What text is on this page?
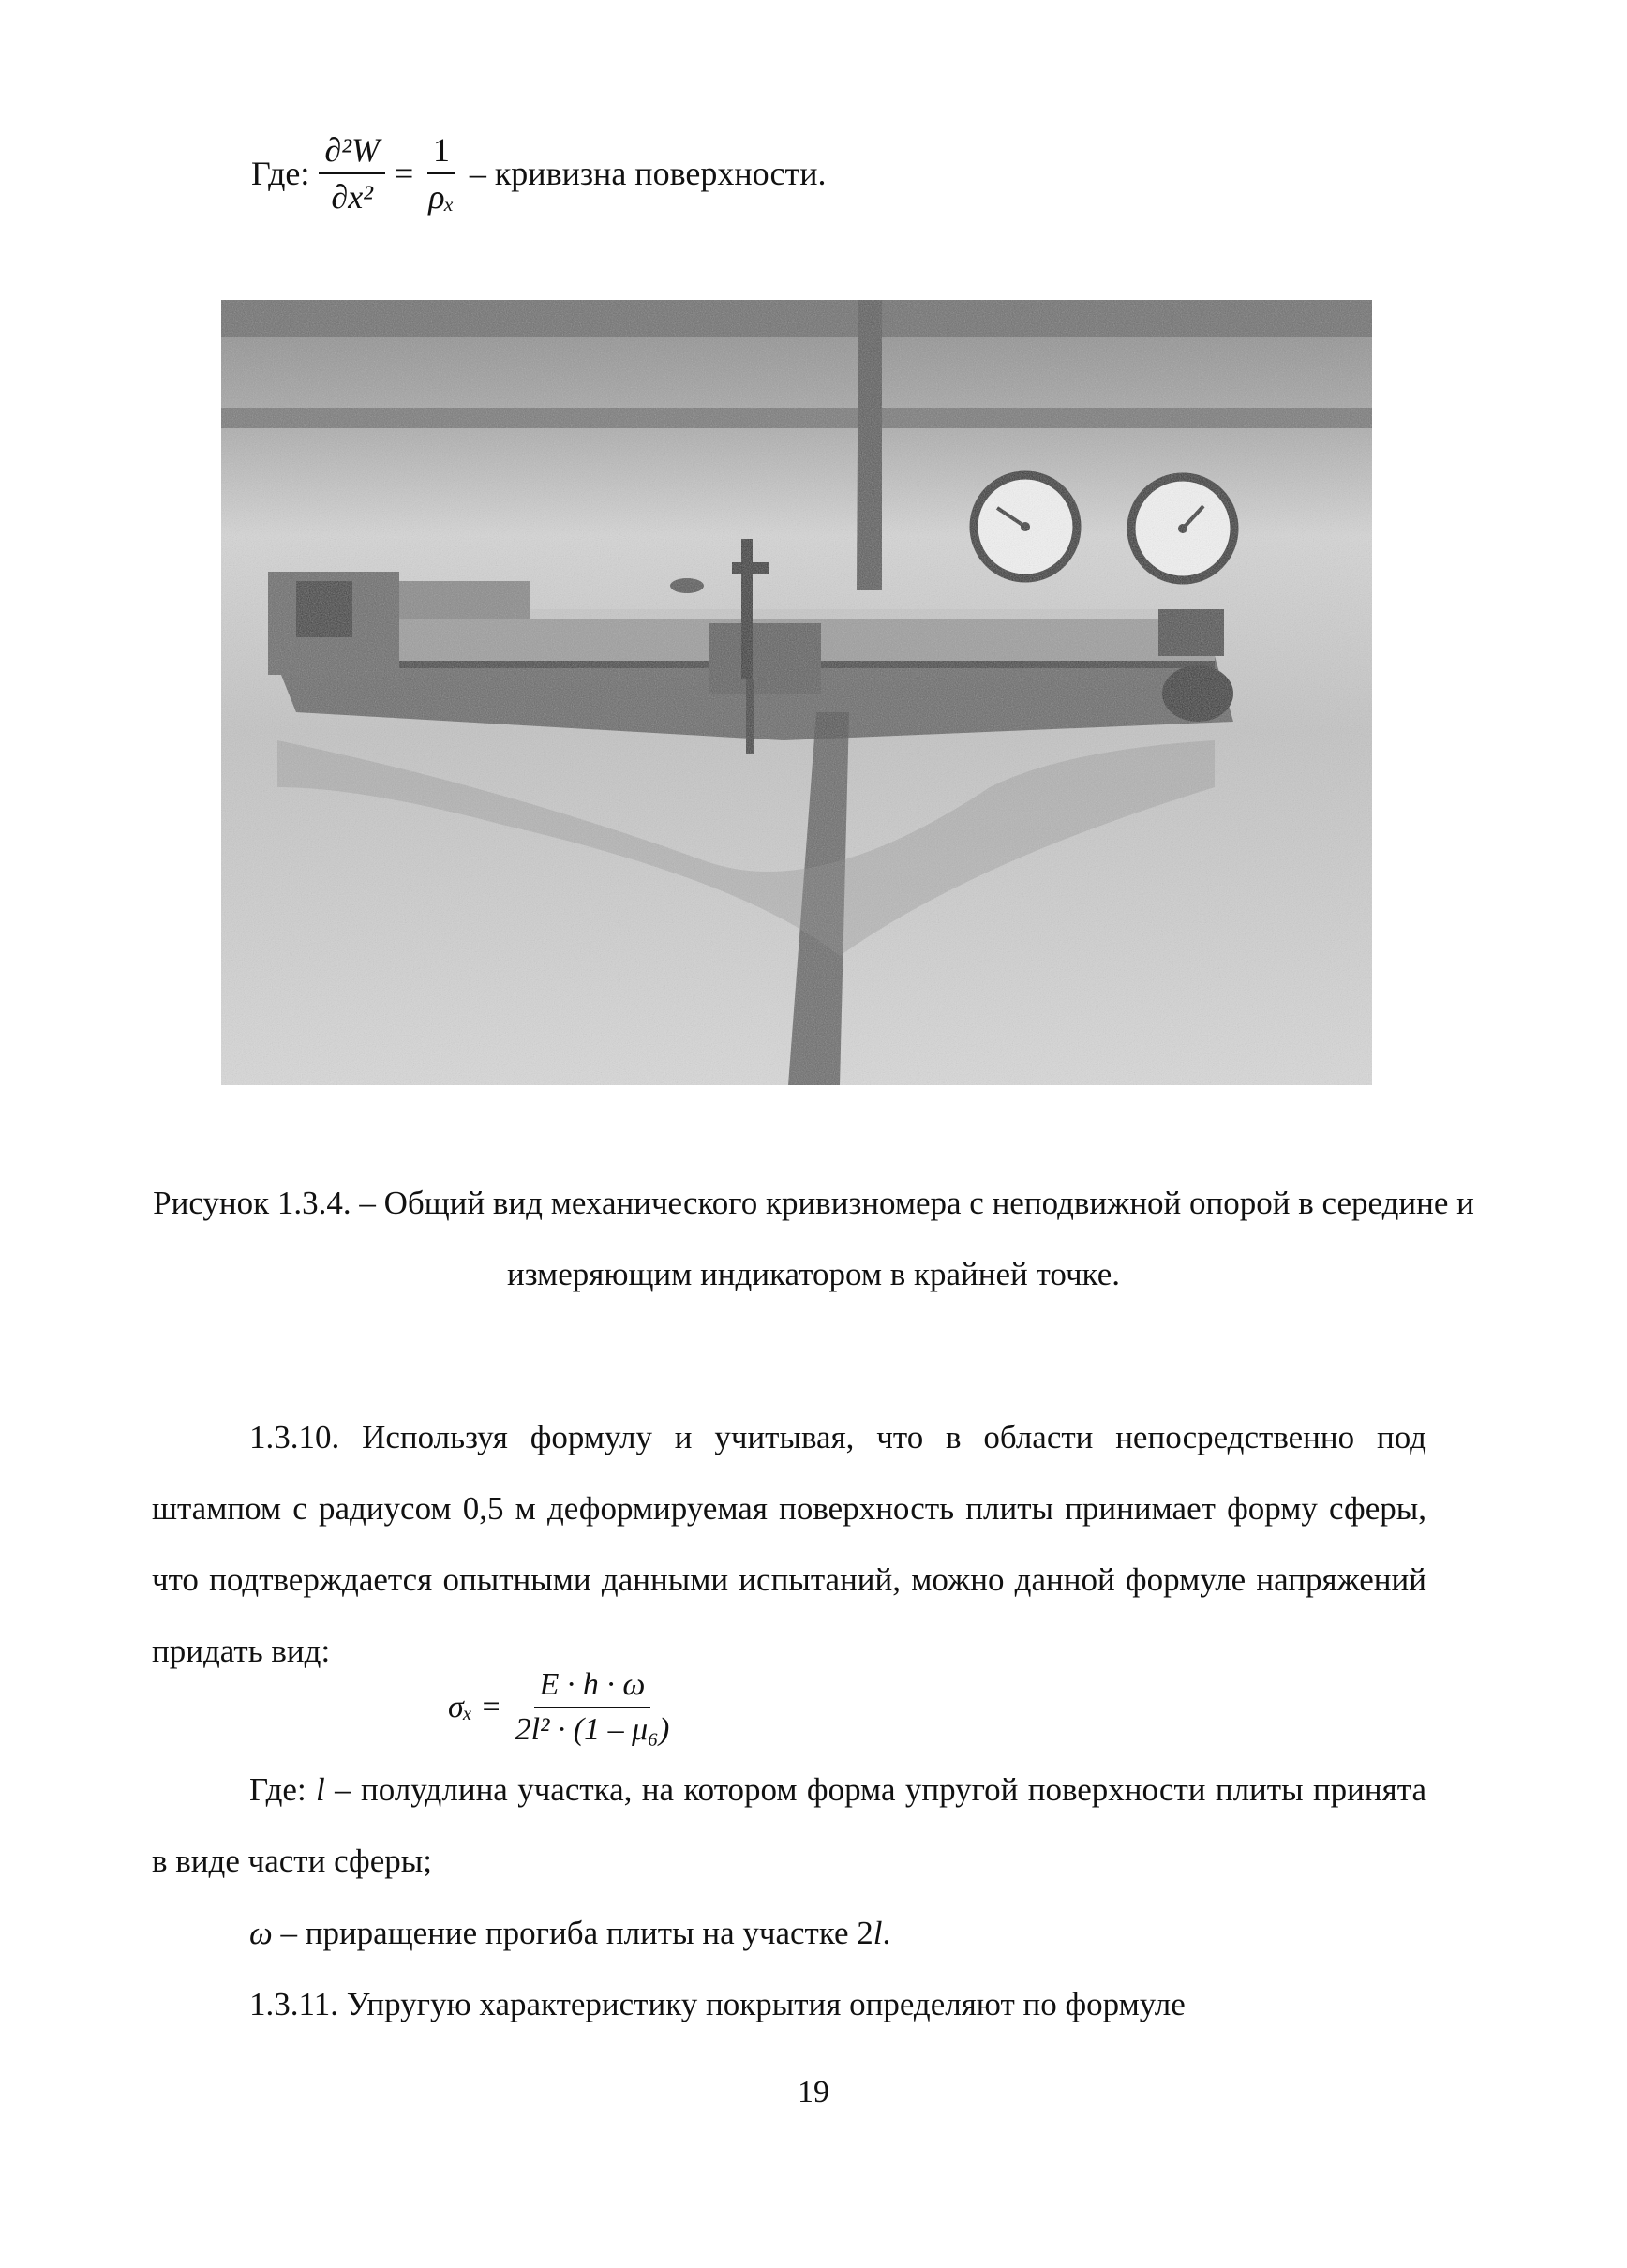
Где: $\frac{\text{∂²W}}{\text{∂x²}} = \frac{1}{\text{ρₓ}}$ – кривизна поверхности.
Рисунок 1.3.4. – Общий вид механического кривизномера с неподвижной опорой в середине и измеряющим индикатором в крайней точке.
1.3.10. Используя формулу и учитывая, что в области непосредственно под штампом с радиусом 0,5 м деформируемая поверхность плиты принимает форму сферы, что подтверждается опытными данными испытаний, можно данной формуле напряжений придать вид:
$\sigma_x = \frac{E \cdot h \cdot \omega}{\text{2l² · (1 – μ₆)}}$
Где: l – полудлина участка, на котором форма упругой поверхности плиты принята в виде части сферы;
ω – приращение прогиба плиты на участке 2l.
1.3.11. Упругую характеристику покрытия определяют по формуле
19
